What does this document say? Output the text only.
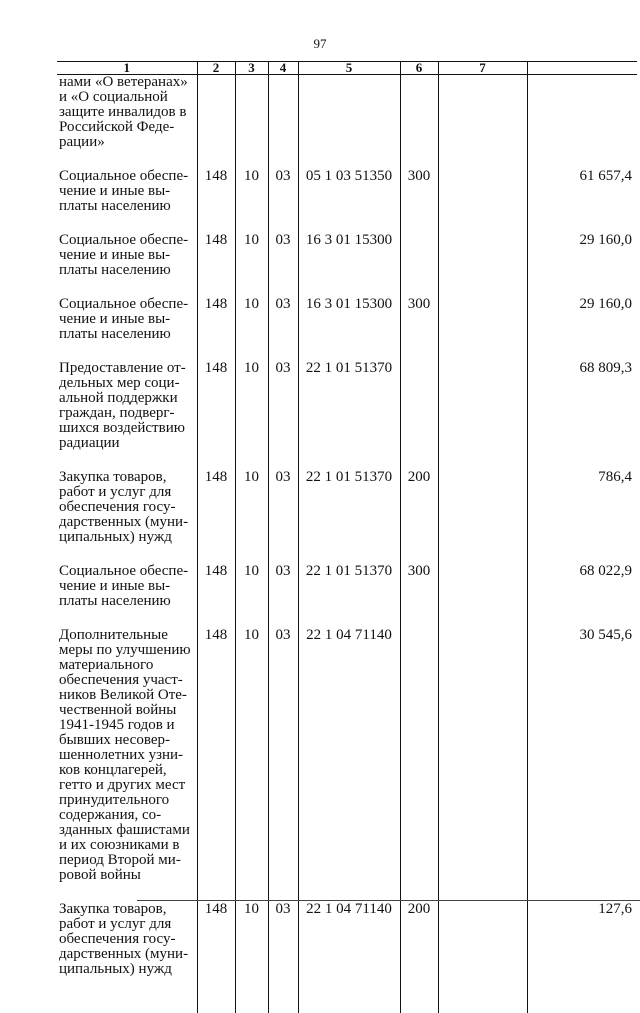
97
1	2	3	4	5	6	7	
нами «О ветеранах» и «О социальной защите инвалидов в Российской Феде-рации»							

Социальное обеспе-чение и иные вы-платы населению	148	10	03	05 1 03 51350	300		61 657,4

Социальное обеспе-чение и иные вы-платы населению	148	10	03	16 3 01 15300			29 160,0

Социальное обеспе-чение и иные вы-платы населению	148	10	03	16 3 01 15300	300		29 160,0

Предоставление от-дельных мер соци-альной поддержки граждан, подверг-шихся воздействию радиации	148	10	03	22 1 01 51370			68 809,3

Закупка товаров, работ и услуг для обеспечения госу-дарственных (муни-ципальных) нужд	148	10	03	22 1 01 51370	200		786,4

Социальное обеспе-чение и иные вы-платы населению	148	10	03	22 1 01 51370	300		68 022,9

Дополнительные меры по улучшению материального обеспечения участ-ников Великой Оте-чественной войны 1941-1945 годов и бывших несовер-шеннолетних узни-ков концлагерей, гетто и других мест принудительного содержания, со-зданных фашистами и их союзниками в период Второй ми-ровой войны	148	10	03	22 1 04 71140			30 545,6

Закупка товаров, работ и услуг для обеспечения госу-дарственных (муни-ципальных) нужд	148	10	03	22 1 04 71140	200		127,6
